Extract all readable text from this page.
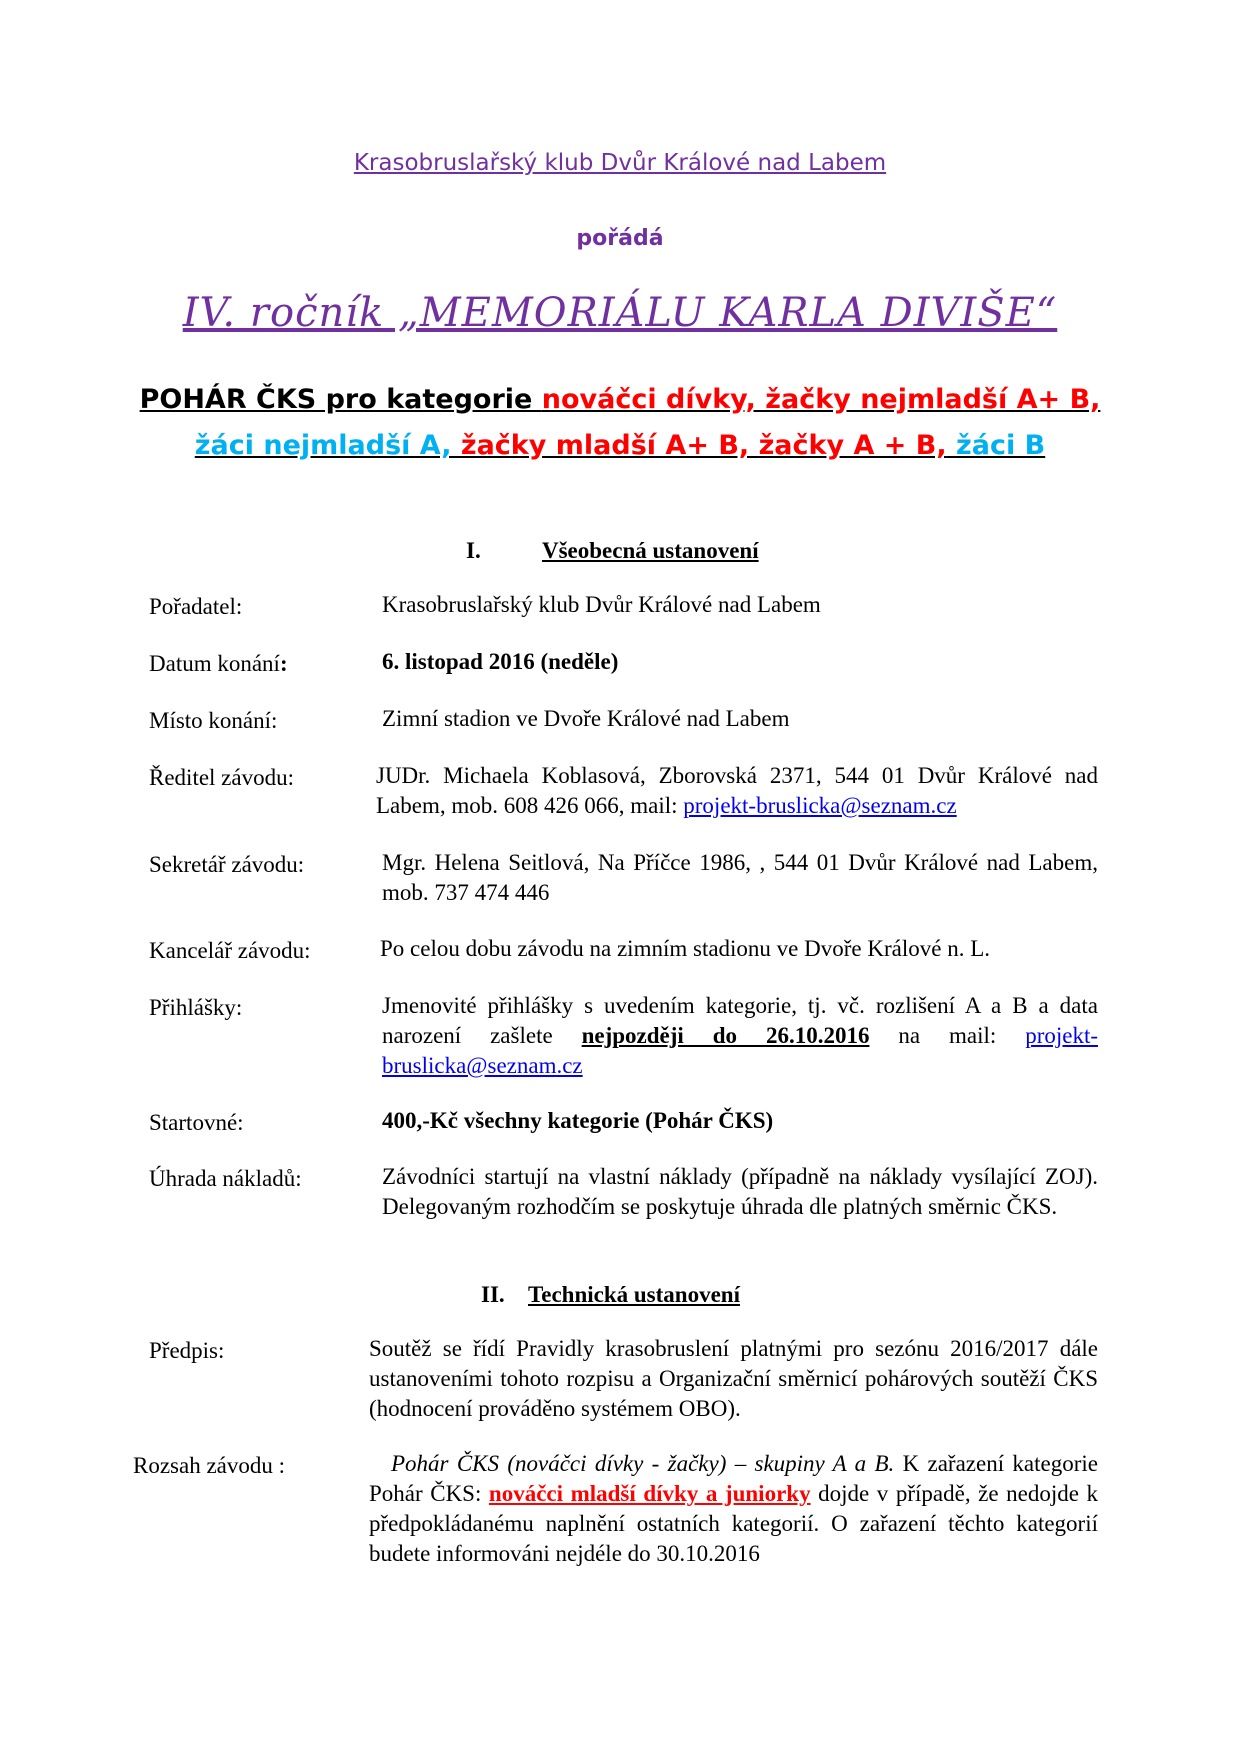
Krasobruslařský klub Dvůr Králové nad Labem
pořádá
IV. ročník „MEMORIÁLU KARLA DIVIŠE“
POHÁR ČKS pro kategorie nováčci dívky, žačky nejmladší A+ B,
žáci nejmladší A, žačky mladší A+ B, žačky A + B, žáci B
I.	Všeobecná ustanovení
Pořadatel:	Krasobruslařský klub Dvůr Králové nad Labem
Datum konání:	6. listopad 2016 (neděle)
Místo konání:	Zimní stadion ve Dvoře Králové nad Labem
Ředitel závodu:	JUDr. Michaela Koblasová, Zborovská 2371, 544 01 Dvůr Králové nad Labem, mob. 608 426 066, mail: projekt-bruslicka@seznam.cz
Sekretář závodu:	Mgr. Helena Seitlová, Na Příčce 1986, , 544 01 Dvůr Králové nad Labem, mob. 737 474 446
Kancelář závodu:	Po celou dobu závodu na zimním stadionu ve Dvoře Králové n. L.
Přihlášky:	Jmenovité přihlášky s uvedením kategorie, tj. vč. rozlišení A a B a data narození zašlete nejpozději do 26.10.2016 na mail: projekt-bruslicka@seznam.cz
Startovné:	400,-Kč všechny kategorie (Pohár ČKS)
Úhrada nákladů:	Závodníci startují na vlastní náklady (případně na náklady vysílající ZOJ). Delegovaným rozhodčím se poskytuje úhrada dle platných směrnic ČKS.
II. Technická ustanovení
Předpis:	Soutěž se řídí Pravidly krasobruslení platnými pro sezónu 2016/2017 dále ustanoveními tohoto rozpisu a Organizační směrnicí pohárových soutěží ČKS (hodnocení prováděno systémem OBO).
Rozsah závodu :	Pohár ČKS (nováčci dívky - žačky) – skupiny A a B. K zařazení kategorie Pohár ČKS: nováčci mladší dívky a juniorky dojde v případě, že nedojde k předpokládanému naplnění ostatních kategorií. O zařazení těchto kategorií budete informováni nejdéle do 30.10.2016
